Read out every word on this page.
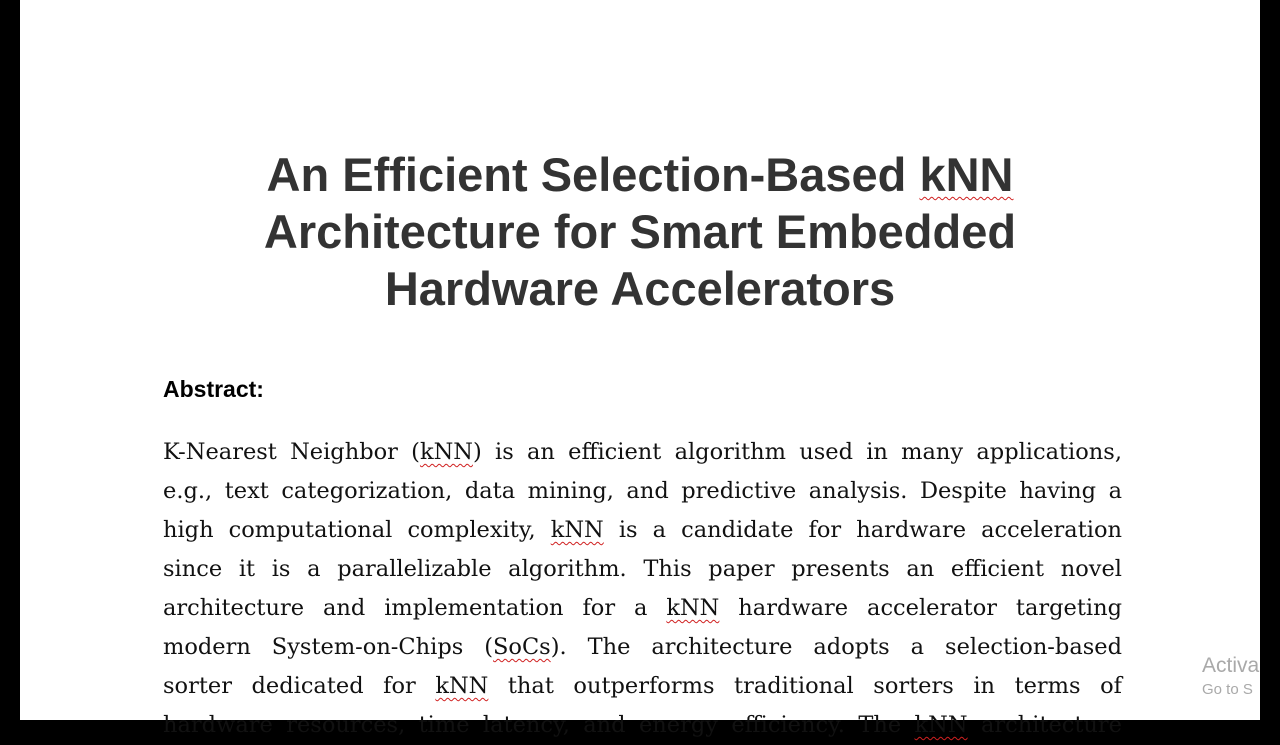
An Efficient Selection-Based kNN
Architecture for Smart Embedded
Hardware Accelerators
Abstract:
K-Nearest Neighbor (kNN) is an efficient algorithm used in many applications,
e.g., text categorization, data mining, and predictive analysis. Despite having a
high computational complexity, kNN is a candidate for hardware acceleration
since it is a parallelizable algorithm. This paper presents an efficient novel
architecture and implementation for a kNN hardware accelerator targeting
modern System-on-Chips (SoCs). The architecture adopts a selection-based
sorter dedicated for kNN that outperforms traditional sorters in terms of
hardware resources, time latency, and energy efficiency. The kNN architecture
Activa
Go to S
